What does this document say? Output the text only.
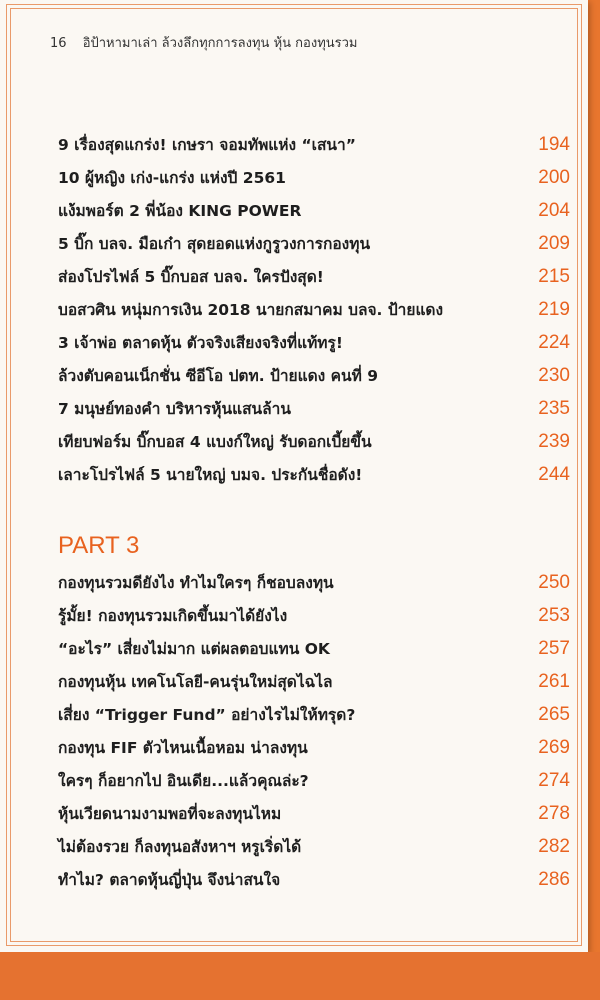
16 อิป้าหามาเล่า ล้วงลึกทุกการลงทุน หุ้น กองทุนรวม
9 เรื่องสุดแกร่ง! เกษรา จอมทัพแห่ง “เสนา”	194
10 ผู้หญิง เก่ง-แกร่ง แห่งปี 2561	200
แง้มพอร์ต 2 พี่น้อง KING POWER	204
5 บิ๊ก บลจ. มือเก๋า สุดยอดแห่งกูรูวงการกองทุน	209
ส่องโปรไฟล์ 5 บิ๊กบอส บลจ. ใครปังสุด!	215
บอสวศิน หนุ่มการเงิน 2018 นายกสมาคม บลจ. ป้ายแดง	219
3 เจ้าพ่อ ตลาดหุ้น ตัวจริงเสียงจริงที่แท้ทรู!	224
ล้วงตับคอนเน็กชั่น ซีอีโอ ปตท. ป้ายแดง คนที่ 9	230
7 มนุษย์ทองคำ บริหารหุ้นแสนล้าน	235
เทียบฟอร์ม บิ๊กบอส 4 แบงก์ใหญ่ รับดอกเบี้ยขึ้น	239
เลาะโปรไฟล์ 5 นายใหญ่ บมจ. ประกันชื่อดัง!	244
PART 3
กองทุนรวมดียังไง ทำไมใครๆ ก็ชอบลงทุน	250
รู้มั้ย! กองทุนรวมเกิดขึ้นมาได้ยังไง	253
“อะไร” เสี่ยงไม่มาก แต่ผลตอบแทน OK	257
กองทุนหุ้น เทคโนโลยี-คนรุ่นใหม่สุดไฉไล	261
เสี่ยง “Trigger Fund” อย่างไรไม่ให้ทรุด?	265
กองทุน FIF ตัวไหนเนื้อหอม น่าลงทุน	269
ใครๆ ก็อยากไป อินเดีย...แล้วคุณล่ะ?	274
หุ้นเวียดนามงามพอที่จะลงทุนไหม	278
ไม่ต้องรวย ก็ลงทุนอสังหาฯ หรูเริ่ดได้	282
ทำไม? ตลาดหุ้นญี่ปุ่น จึงน่าสนใจ	286
